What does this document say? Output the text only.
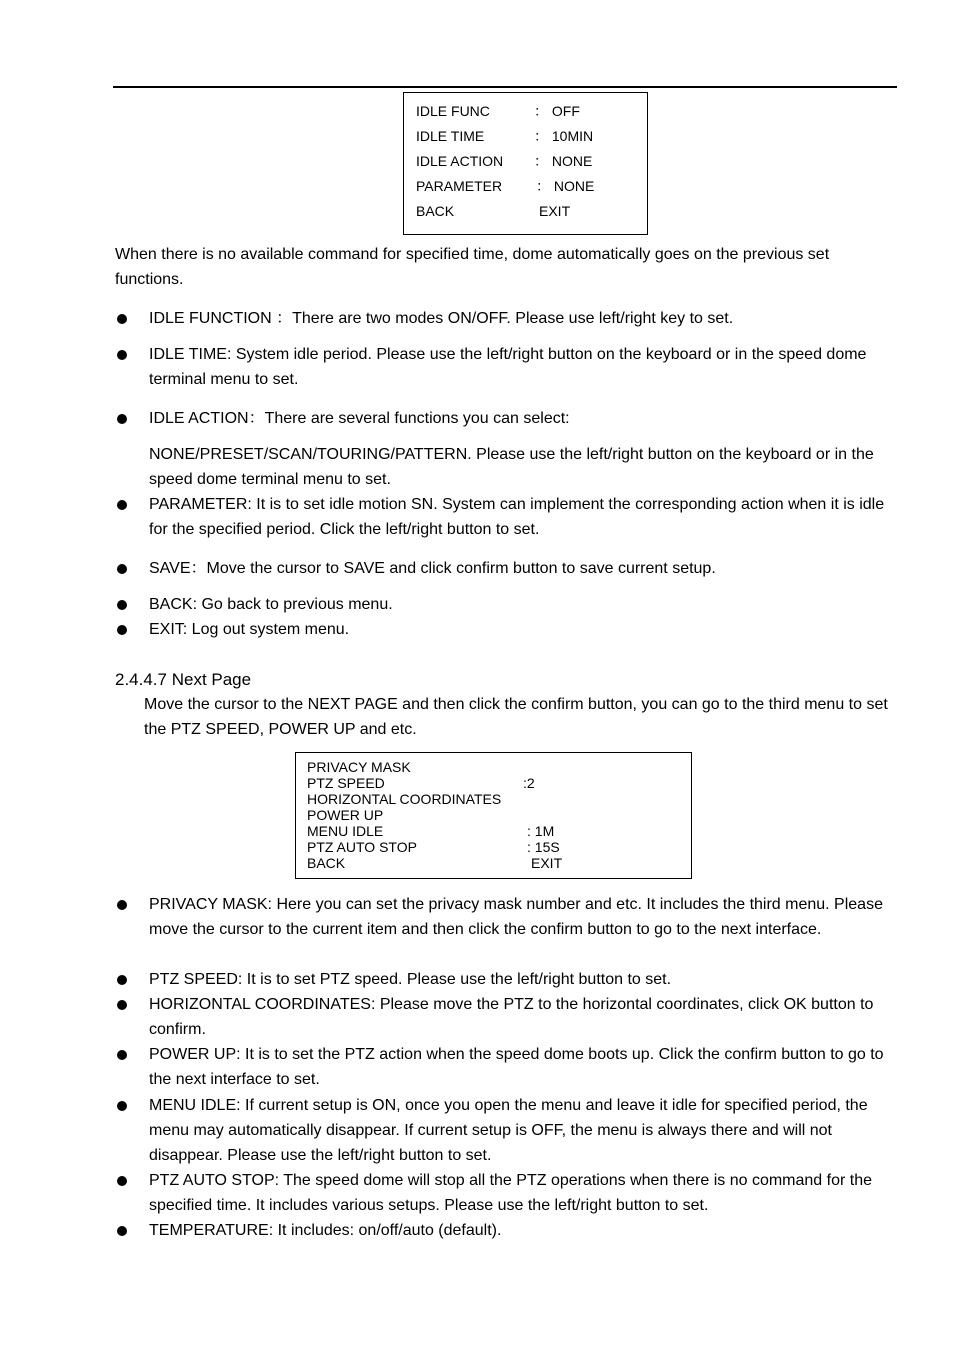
IDLE FUNC	： OFF
IDLE TIME	： 10MIN
IDLE ACTION ： NONE
PARAMETER ： NONE
BACK	EXIT
When there is no available command for specified time, dome automatically goes on the previous set functions.
IDLE FUNCTION ：There are two modes ON/OFF. Please use left/right key to set.
IDLE TIME: System idle period. Please use the left/right button on the keyboard or in the speed dome terminal menu to set.
IDLE ACTION：There are several functions you can select:
NONE/PRESET/SCAN/TOURING/PATTERN. Please use the left/right button on the keyboard or in the speed dome terminal menu to set.
PARAMETER: It is to set idle motion SN. System can implement the corresponding action when it is idle for the specified period. Click the left/right button to set.
SAVE：Move the cursor to SAVE and click confirm button to save current setup.
BACK: Go back to previous menu.
EXIT: Log out system menu.
2.4.4.7 Next Page
Move the cursor to the NEXT PAGE and then click the confirm button, you can go to the third menu to set the PTZ SPEED, POWER UP and etc.
PRIVACY MASK
PTZ SPEED	:2
HORIZONTAL COORDINATES
POWER UP
MENU IDLE	: 1M
PTZ AUTO STOP	: 15S
BACK	EXIT
PRIVACY MASK: Here you can set the privacy mask number and etc. It includes the third menu. Please move the cursor to the current item and then click the confirm button to go to the next interface.
PTZ SPEED: It is to set PTZ speed. Please use the left/right button to set.
HORIZONTAL COORDINATES: Please move the PTZ to the horizontal coordinates, click OK button to confirm.
POWER UP: It is to set the PTZ action when the speed dome boots up. Click the confirm button to go to the next interface to set.
MENU IDLE: If current setup is ON, once you open the menu and leave it idle for specified period, the menu may automatically disappear. If current setup is OFF, the menu is always there and will not disappear. Please use the left/right button to set.
PTZ AUTO STOP: The speed dome will stop all the PTZ operations when there is no command for the specified time. It includes various setups. Please use the left/right button to set.
TEMPERATURE: It includes: on/off/auto (default).
